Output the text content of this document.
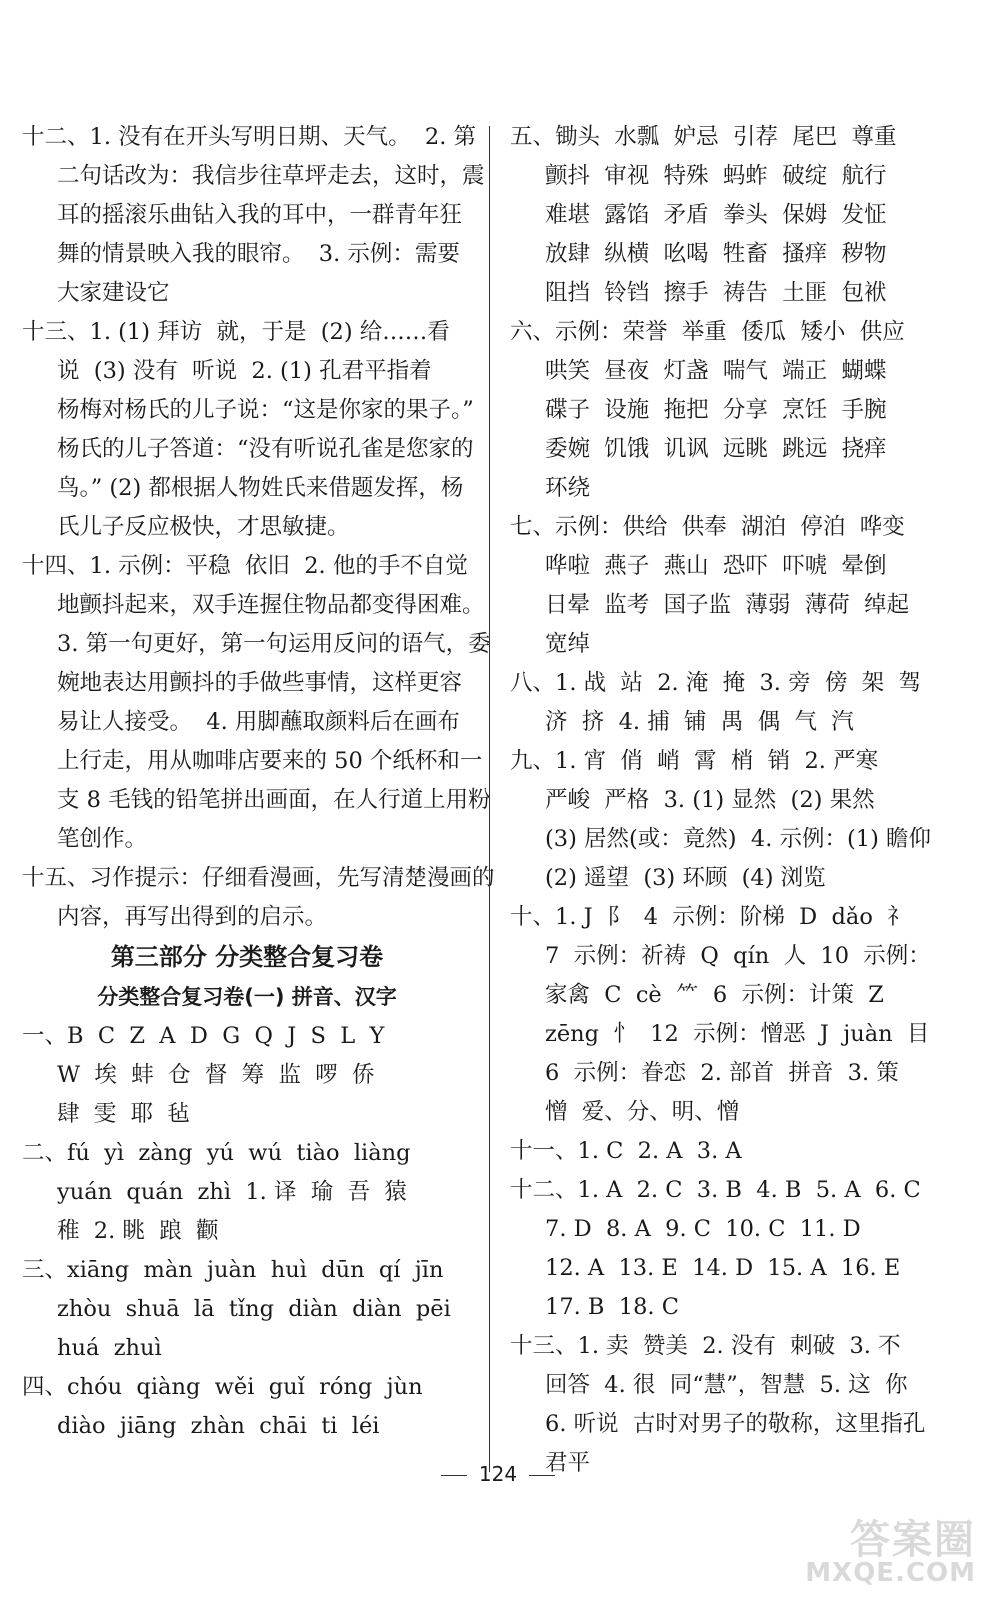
十二、1. 没有在开头写明日期、天气。  2. 第
二句话改为：我信步往草坪走去，这时，震
耳的摇滚乐曲钻入我的耳中，一群青年狂
舞的情景映入我的眼帘。  3. 示例：需要
大家建设它
十三、1. (1) 拜访  就，于是  (2) 给……看
说  (3) 没有  听说  2. (1) 孔君平指着
杨梅对杨氏的儿子说：“这是你家的果子。”
杨氏的儿子答道：“没有听说孔雀是您家的
鸟。” (2) 都根据人物姓氏来借题发挥，杨
氏儿子反应极快，才思敏捷。
十四、1. 示例：平稳  依旧  2. 他的手不自觉
地颤抖起来，双手连握住物品都变得困难。
3. 第一句更好，第一句运用反问的语气，委
婉地表达用颤抖的手做些事情，这样更容
易让人接受。  4. 用脚蘸取颜料后在画布
上行走，用从咖啡店要来的 50 个纸杯和一
支 8 毛钱的铅笔拼出画面，在人行道上用粉
笔创作。
十五、习作提示：仔细看漫画，先写清楚漫画的
内容，再写出得到的启示。
第三部分 分类整合复习卷
分类整合复习卷(一) 拼音、汉字
一、B  C  Z  A  D  G  Q  J  S  L  Y
W  埃  蚌  仓  督  筹  监  啰  侨
肆  雯  耶  毡
二、fú  yì  zàng  yú  wú  tiào  liàng
yuán  quán  zhì  1. 译  瑜  吾  猿
稚  2. 眺  踉  颧
三、xiāng  màn  juàn  huì  dūn  qí  jīn
zhòu  shuā  lā  tǐng  diàn  diàn  pēi
huá  zhuì
四、chóu  qiàng  wěi  guǐ  róng  jùn
diào  jiāng  zhàn  chāi  ti  léi
五、锄头  水瓢  妒忌  引荐  尾巴  尊重
颤抖  审视  特殊  蚂蚱  破绽  航行
难堪  露馅  矛盾  拳头  保姆  发怔
放肆  纵横  吆喝  牲畜  搔痒  秽物
阻挡  铃铛  擦手  祷告  土匪  包袱
六、示例：荣誉  举重  倭瓜  矮小  供应
哄笑  昼夜  灯盏  喘气  端正  蝴蝶
碟子  设施  拖把  分享  烹饪  手腕
委婉  饥饿  讥讽  远眺  跳远  挠痒
环绕
七、示例：供给  供奉  湖泊  停泊  哗变
哗啦  燕子  燕山  恐吓  吓唬  晕倒
日晕  监考  国子监  薄弱  薄荷  绰起
宽绰
八、1. 战  站  2. 淹  掩  3. 旁  傍  架  驾
济  挤  4. 捕  铺  禺  偶  气  汽
九、1. 宵  俏  峭  霄  梢  销  2. 严寒
严峻  严格  3. (1) 显然  (2) 果然
(3) 居然(或：竟然)  4. 示例：(1) 瞻仰
(2) 遥望  (3) 环顾  (4) 浏览
十、1. J  阝  4  示例：阶梯  D  dǎo  礻
7  示例：祈祷  Q  qín  人  10  示例：
家禽  C  cè  ⺮  6  示例：计策  Z
zēng  忄  12  示例：憎恶  J  juàn  目
6  示例：眷恋  2. 部首  拼音  3. 策
憎  爱、分、明、憎
十一、1. C  2. A  3. A
十二、1. A  2. C  3. B  4. B  5. A  6. C
7. D  8. A  9. C  10. C  11. D
12. A  13. E  14. D  15. A  16. E
17. B  18. C
十三、1. 卖  赞美  2. 没有  刺破  3. 不
回答  4. 很  同“慧”，智慧  5. 这  你
6. 听说  古时对男子的敬称，这里指孔
君平
124
答案圈
MXQE.COM
